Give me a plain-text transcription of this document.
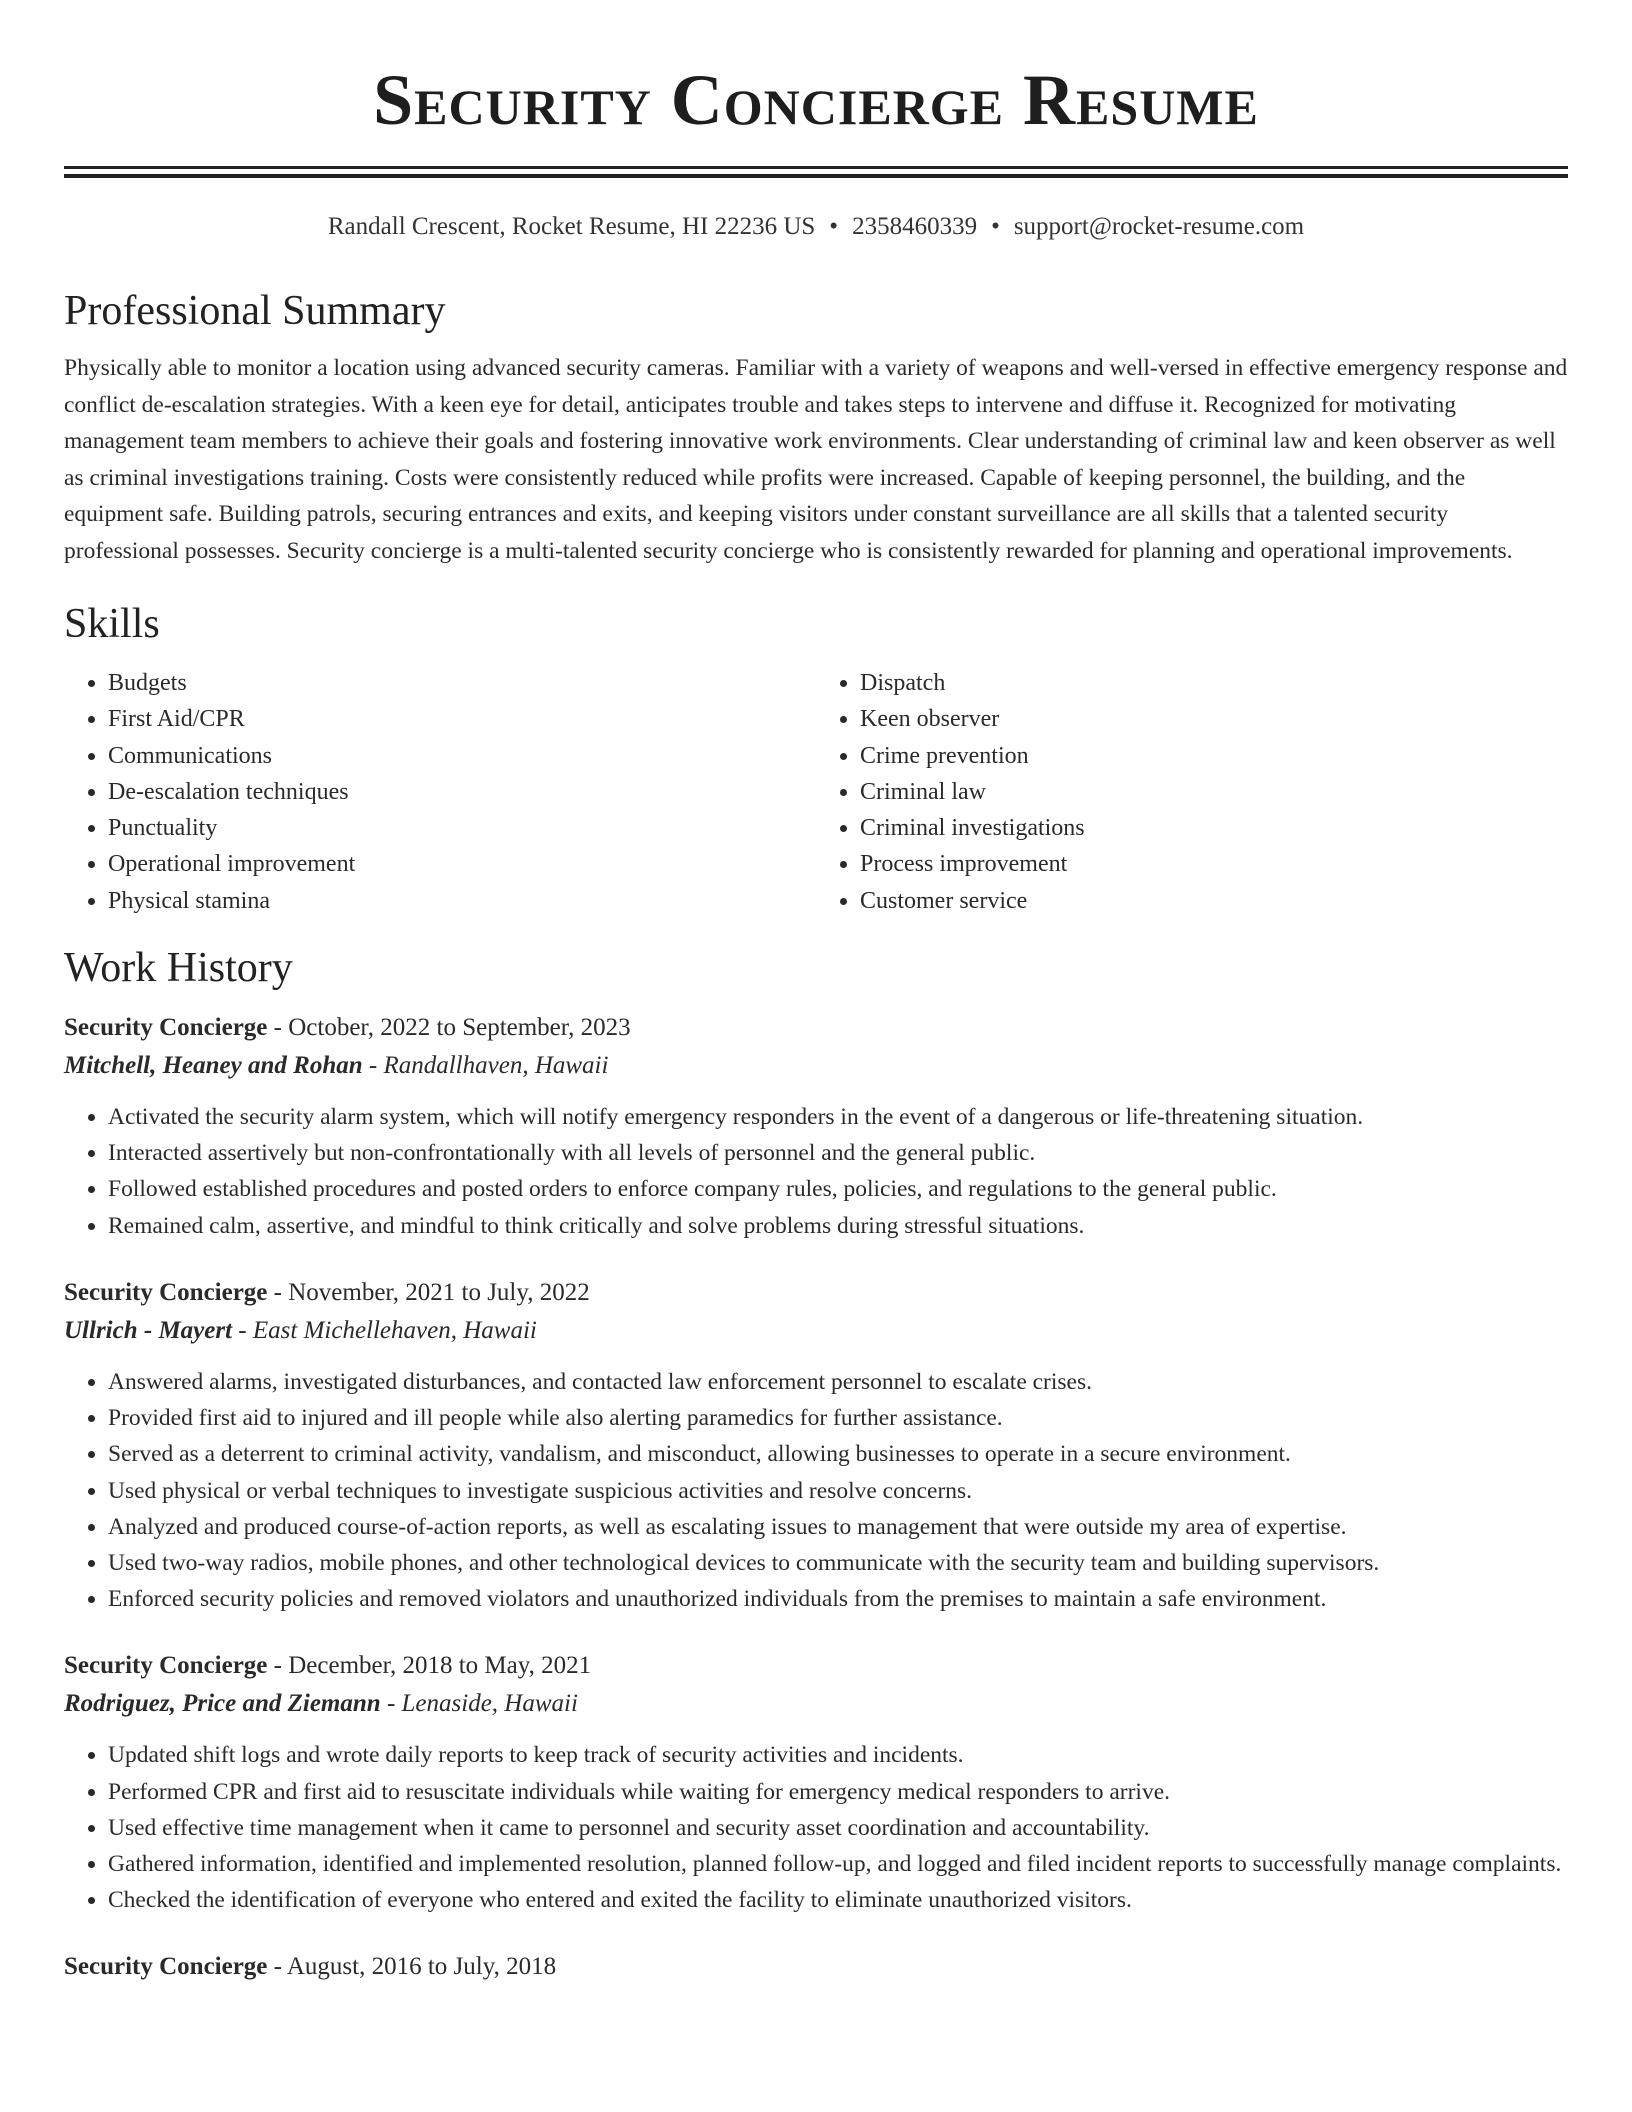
Security Concierge Resume
Randall Crescent, Rocket Resume, HI 22236 US • 2358460339 • support@rocket-resume.com
Professional Summary

Physically able to monitor a location using advanced security cameras. Familiar with a variety of weapons and well-versed in effective emergency response and conflict de-escalation strategies. With a keen eye for detail, anticipates trouble and takes steps to intervene and diffuse it. Recognized for motivating management team members to achieve their goals and fostering innovative work environments. Clear understanding of criminal law and keen observer as well as criminal investigations training. Costs were consistently reduced while profits were increased. Capable of keeping personnel, the building, and the equipment safe. Building patrols, securing entrances and exits, and keeping visitors under constant surveillance are all skills that a talented security professional possesses. Security concierge is a multi-talented security concierge who is consistently rewarded for planning and operational improvements.

Skills
• Budgets
• First Aid/CPR
• Communications
• De-escalation techniques
• Punctuality
• Operational improvement
• Physical stamina
• Dispatch
• Keen observer
• Crime prevention
• Criminal law
• Criminal investigations
• Process improvement
• Customer service
Work History
Security Concierge - October, 2022 to September, 2023
Mitchell, Heaney and Rohan - Randallhaven, Hawaii
• Activated the security alarm system, which will notify emergency responders in the event of a dangerous or life-threatening situation.
• Interacted assertively but non-confrontationally with all levels of personnel and the general public.
• Followed established procedures and posted orders to enforce company rules, policies, and regulations to the general public.
• Remained calm, assertive, and mindful to think critically and solve problems during stressful situations.
Security Concierge - November, 2021 to July, 2022
Ullrich - Mayert - East Michellehaven, Hawaii
• Answered alarms, investigated disturbances, and contacted law enforcement personnel to escalate crises.
• Provided first aid to injured and ill people while also alerting paramedics for further assistance.
• Served as a deterrent to criminal activity, vandalism, and misconduct, allowing businesses to operate in a secure environment.
• Used physical or verbal techniques to investigate suspicious activities and resolve concerns.
• Analyzed and produced course-of-action reports, as well as escalating issues to management that were outside my area of expertise.
• Used two-way radios, mobile phones, and other technological devices to communicate with the security team and building supervisors.
• Enforced security policies and removed violators and unauthorized individuals from the premises to maintain a safe environment.
Security Concierge - December, 2018 to May, 2021
Rodriguez, Price and Ziemann - Lenaside, Hawaii
• Updated shift logs and wrote daily reports to keep track of security activities and incidents.
• Performed CPR and first aid to resuscitate individuals while waiting for emergency medical responders to arrive.
• Used effective time management when it came to personnel and security asset coordination and accountability.
• Gathered information, identified and implemented resolution, planned follow-up, and logged and filed incident reports to successfully manage complaints.
• Checked the identification of everyone who entered and exited the facility to eliminate unauthorized visitors.
Security Concierge - August, 2016 to July, 2018
